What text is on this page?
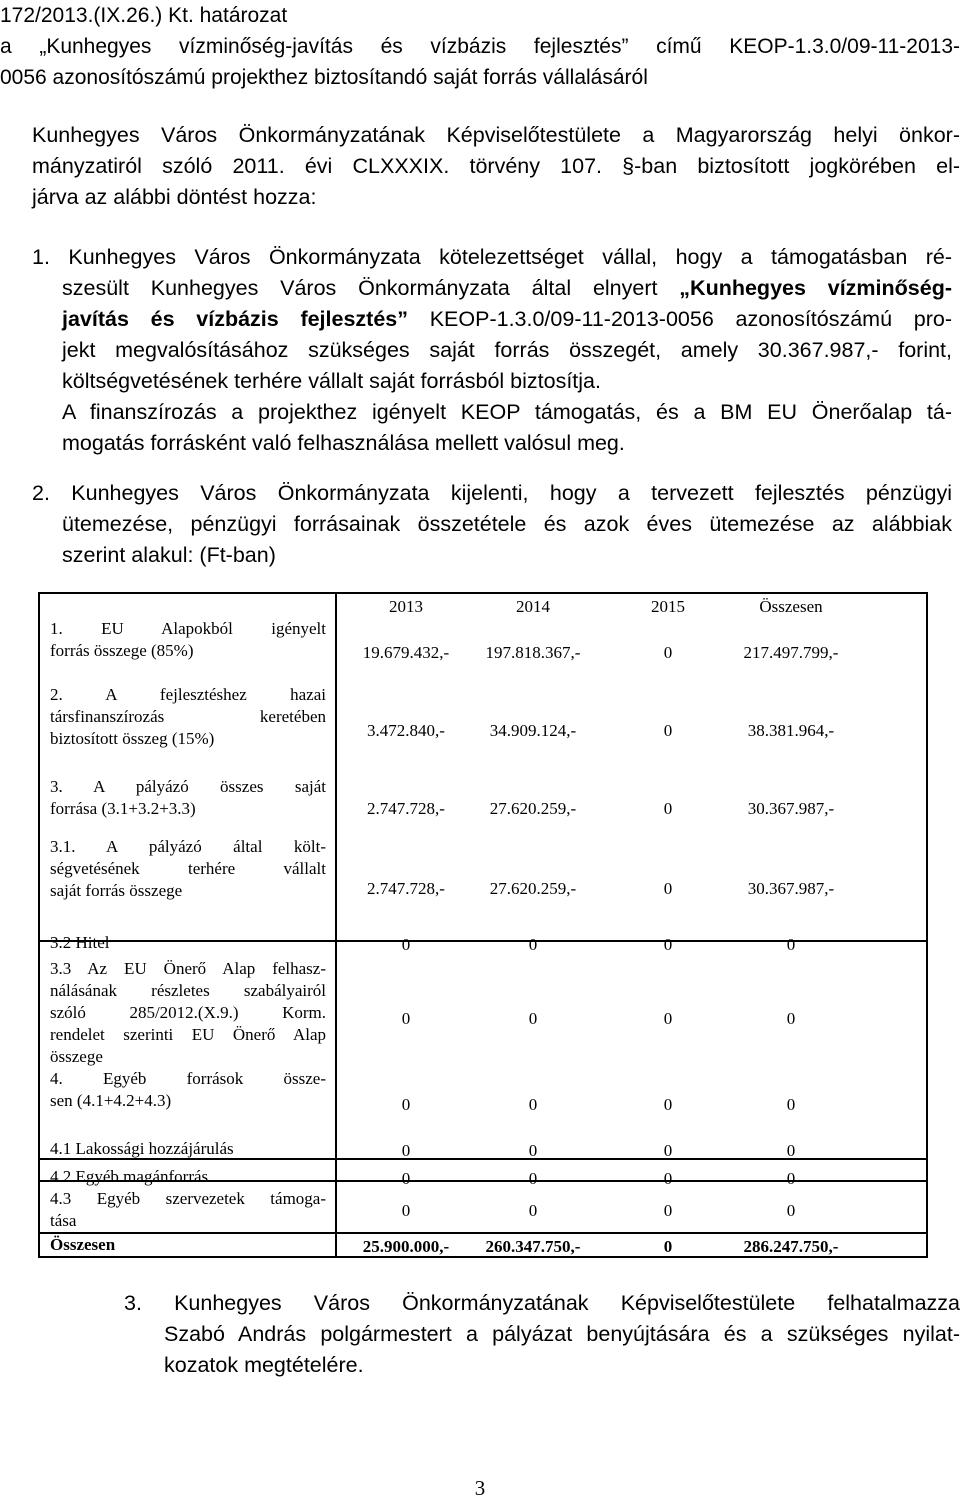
172/2013.(IX.26.) Kt. határozat
a „Kunhegyes vízminőség-javítás és vízbázis fejlesztés” című KEOP-1.3.0/09-11-2013-
0056 azonosítószámú projekthez biztosítandó saját forrás vállalásáról
Kunhegyes Város Önkormányzatának Képviselőtestülete a Magyarország helyi önkor-
mányzatiról szóló 2011. évi CLXXXIX. törvény 107. §-ban biztosított jogkörében el-
járva az alábbi döntést hozza:
1. Kunhegyes Város Önkormányzata kötelezettséget vállal, hogy a támogatásban ré-
szesült Kunhegyes Város Önkormányzata által elnyert „Kunhegyes vízminőség-
javítás és vízbázis fejlesztés” KEOP-1.3.0/09-11-2013-0056 azonosítószámú pro-
jekt megvalósításához szükséges saját forrás összegét, amely 30.367.987,- forint,
költségvetésének terhére vállalt saját forrásból biztosítja.
A finanszírozás a projekthez igényelt KEOP támogatás, és a BM EU Önerőalap tá-
mogatás forrásként való felhasználása mellett valósul meg.
2. Kunhegyes Város Önkormányzata kijelenti, hogy a tervezett fejlesztés pénzügyi
ütemezése, pénzügyi forrásainak összetétele és azok éves ütemezése az alábbiak
szerint alakul: (Ft-ban)
2013	2014	2015	Összesen
1. EU Alapokból igényelt
forrás összege (85%)	19.679.432,-	197.818.367,-	0	217.497.799,-
2. A fejlesztéshez hazai
társfinanszírozás keretében
biztosított összeg (15%)	3.472.840,-	34.909.124,-	0	38.381.964,-
3. A pályázó összes saját
forrása (3.1+3.2+3.3)	2.747.728,-	27.620.259,-	0	30.367.987,-
3.1. A pályázó által költ-
ségvetésének terhére vállalt
saját forrás összege	2.747.728,-	27.620.259,-	0	30.367.987,-
3.2 Hitel	0	0	0	0
3.3 Az EU Önerő Alap felhasz-
nálásának részletes szabályairól
szóló 285/2012.(X.9.) Korm.
rendelet szerinti EU Önerő Alap
összege
0	0	0	0
4. Egyéb források össze-
sen (4.1+4.2+4.3)	0	0	0	0
4.1 Lakossági hozzájárulás	0	0	0	0
4.2 Egyéb magánforrás	0	0	0	0
4.3 Egyéb szervezetek támoga-
tása
0	0	0	0
Összesen	25.900.000,-	260.347.750,-	0	286.247.750,-
3. Kunhegyes Város Önkormányzatának Képviselőtestülete felhatalmazza
Szabó András polgármestert a pályázat benyújtására és a szükséges nyilat-
kozatok megtételére.
3
